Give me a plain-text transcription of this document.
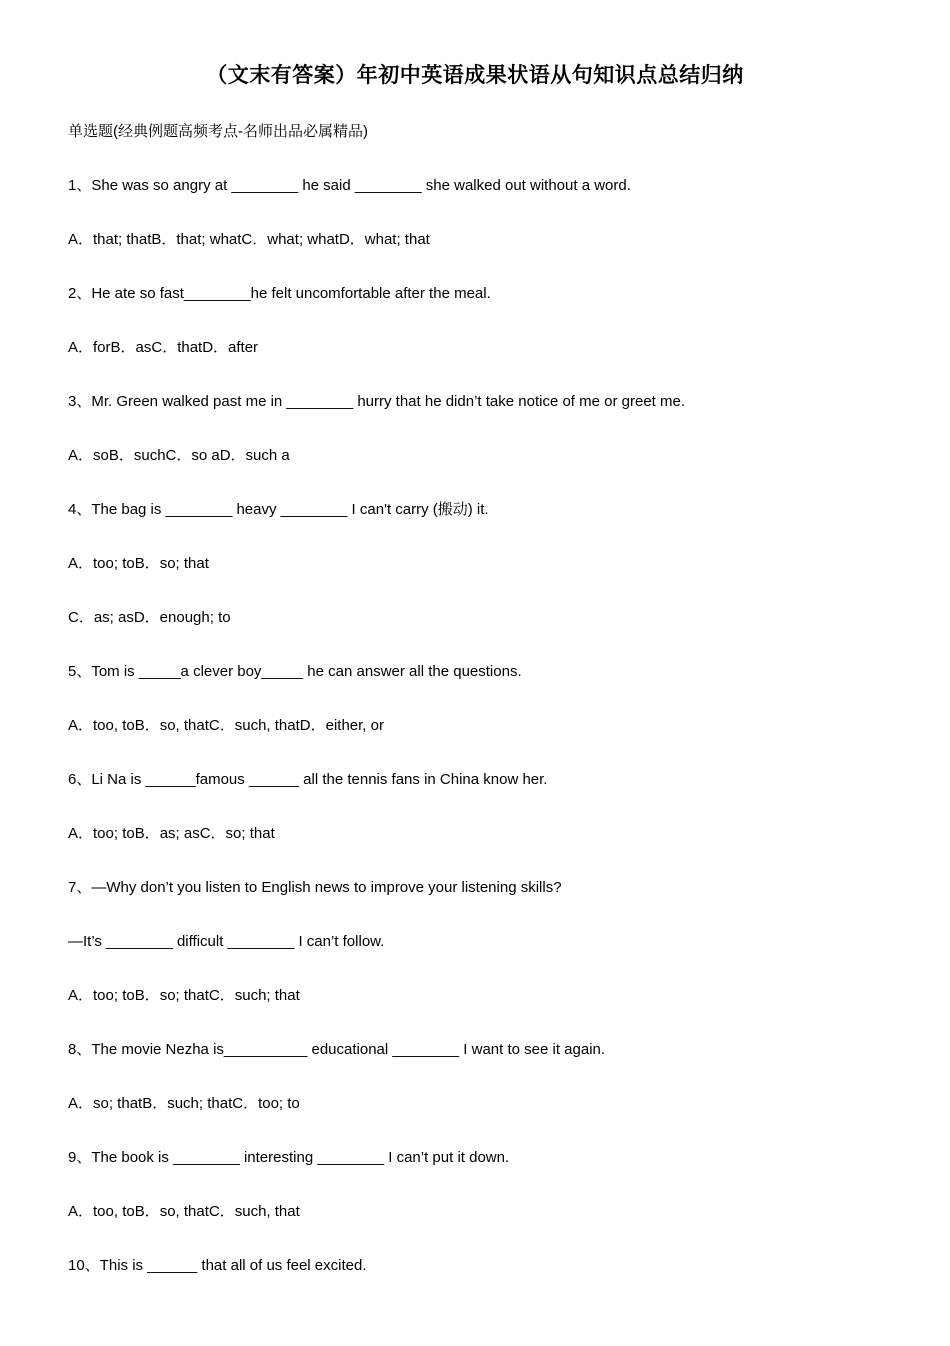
（文末有答案）年初中英语成果状语从句知识点总结归纳
单选题(经典例题高频考点-名师出品必属精品)
1、She was so angry at ________ he said ________ she walked out without a word.
A．that; thatB．that; whatC．what; whatD．what; that
2、He ate so fast________he felt uncomfortable after the meal.
A．forB．asC．thatD．after
3、Mr. Green walked past me in ________ hurry that he didn’t take notice of me or greet me.
A．soB．suchC．so aD．such a
4、The bag is ________ heavy ________ I can't carry (搬动) it.
A．too; toB．so; that
C．as; asD．enough; to
5、Tom is _____a clever boy_____ he can answer all the questions.
A．too, toB．so, thatC．such, thatD．either, or
6、Li Na is ______famous ______ all the tennis fans in China know her.
A．too; toB．as; asC．so; that
7、—Why don’t you listen to English news to improve your listening skills?
—It’s ________ difficult ________ I can’t follow.
A．too; toB．so; thatC．such; that
8、The movie Nezha is__________ educational ________ I want to see it again.
A．so; thatB．such; thatC．too; to
9、The book is ________ interesting ________ I can’t put it down.
A．too, toB．so, thatC．such, that
10、This is ______ that all of us feel excited.
